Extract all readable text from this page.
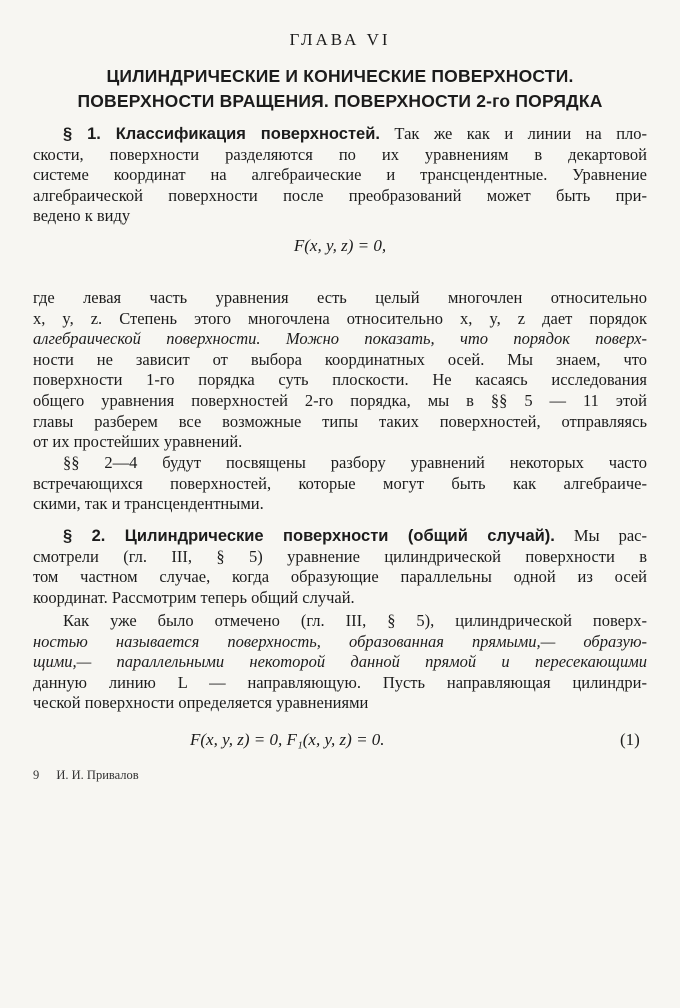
ГЛАВА VI
ЦИЛИНДРИЧЕСКИЕ И КОНИЧЕСКИЕ ПОВЕРХНОСТИ.
ПОВЕРХНОСТИ ВРАЩЕНИЯ. ПОВЕРХНОСТИ 2-го ПОРЯДКА
§ 1. Классификация поверхностей. Так же как и линии на пло-
скости, поверхности разделяются по их уравнениям в декартовой
системе координат на алгебраические и трансцендентные. Уравнение
алгебраической поверхности после преобразований может быть при-
ведено к виду
F(x, y, z) = 0,
где левая часть уравнения есть целый многочлен относительно
x, y, z. Степень этого многочлена относительно x, y, z дает порядок
алгебраической поверхности. Можно показать, что порядок поверх-
ности не зависит от выбора координатных осей. Мы знаем, что
поверхности 1-го порядка суть плоскости. Не касаясь исследования
общего уравнения поверхностей 2-го порядка, мы в §§ 5 — 11 этой
главы разберем все возможные типы таких поверхностей, отправляясь
от их простейших уравнений.
§§ 2—4 будут посвящены разбору уравнений некоторых часто
встречающихся поверхностей, которые могут быть как алгебраиче-
скими, так и трансцендентными.
§ 2. Цилиндрические поверхности (общий случай). Мы рас-
смотрели (гл. III, § 5) уравнение цилиндрической поверхности в
том частном случае, когда образующие параллельны одной из осей
координат. Рассмотрим теперь общий случай.
Как уже было отмечено (гл. III, § 5), цилиндрической поверх-
ностью называется поверхность, образованная прямыми,— образую-
щими,— параллельными некоторой данной прямой и пересекающими
данную линию L — направляющую. Пусть направляющая цилиндри-
ческой поверхности определяется уравнениями
F(x, y, z) = 0, F₁(x, y, z) = 0.	(1)
9 И. И. Привалов
